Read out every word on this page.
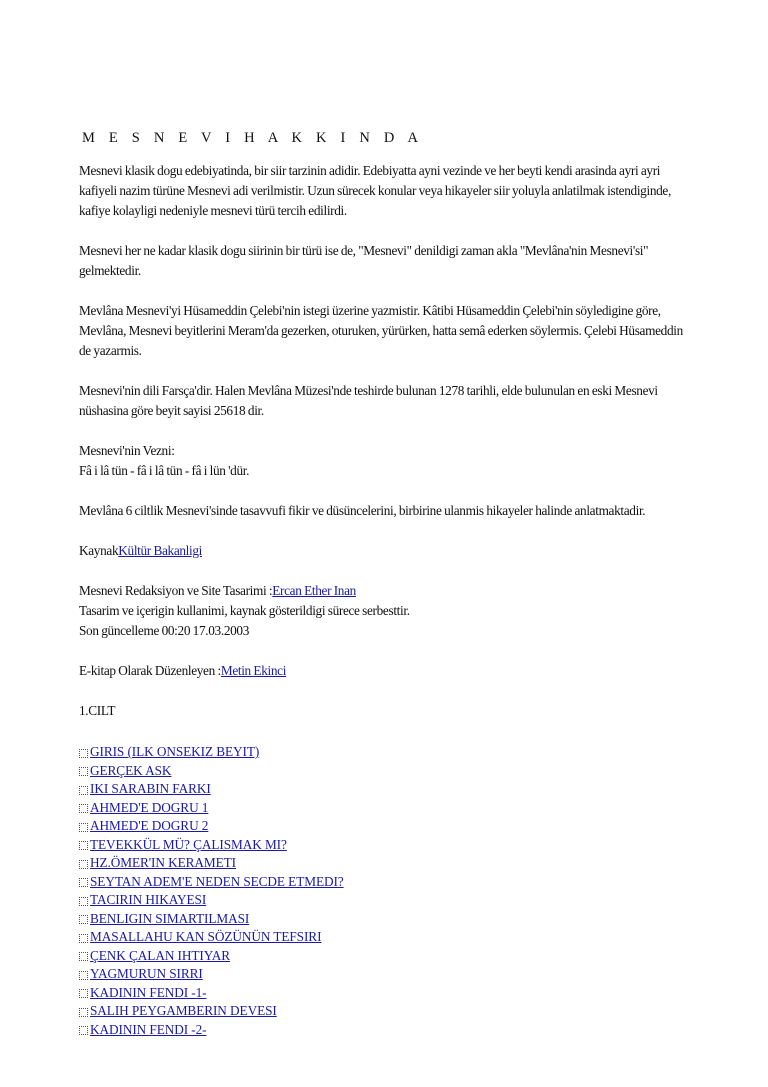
M E S N E V I H A K K I N D A

Mesnevi klasik dogu edebiyatinda, bir siir tarzinin adidir. Edebiyatta ayni vezinde ve her beyti kendi arasinda ayri ayri kafiyeli nazim türüne Mesnevi adi verilmistir. Uzun sürecek konular veya hikayeler siir yoluyla anlatilmak istendiginde, kafiye kolayligi nedeniyle mesnevi türü tercih edilirdi.

Mesnevi her ne kadar klasik dogu siirinin bir türü ise de, "Mesnevi" denildigi zaman akla "Mevlâna'nin Mesnevi'si" gelmektedir.

Mevlâna Mesnevi'yi Hüsameddin Çelebi'nin istegi üzerine yazmistir. Kâtibi Hüsameddin Çelebi'nin söyledigine göre, Mevlâna, Mesnevi beyitlerini Meram'da gezerken, oturuken, yürürken, hatta semâ ederken söylermis. Çelebi Hüsameddin de yazarmis.

Mesnevi'nin dili Farsça'dir. Halen Mevlâna Müzesi'nde teshirde bulunan 1278 tarihli, elde bulunulan en eski Mesnevi nüshasina göre beyit sayisi 25618 dir.

Mesnevi'nin Vezni:

Fâ i lâ tün - fâ i lâ tün - fâ i lün 'dür.

Mevlâna 6 ciltlik Mesnevi'sinde tasavvufi fikir ve düsüncelerini, birbirine ulanmis hikayeler halinde anlatmaktadir.

KaynakKültür Bakanligi

Mesnevi Redaksiyon ve Site Tasarimi :Ercan Ether Inan

Tasarim ve içerigin kullanimi, kaynak gösterildigi sürece serbesttir.

Son güncelleme 00:20 17.03.2003

E-kitap Olarak Düzenleyen :Metin Ekinci

1.CILT

GIRIS (ILK ONSEKIZ BEYIT)
GERÇEK ASK
IKI SARABIN FARKI
AHMED'E DOGRU 1
AHMED'E DOGRU 2
TEVEKKÜL MÜ? ÇALISMAK MI?
HZ.ÖMER'IN KERAMETI
SEYTAN ADEM'E NEDEN SECDE ETMEDI?
TACIRIN HIKAYESI
BENLIGIN SIMARTILMASI
MASALLAHU KAN SÖZÜNÜN TEFSIRI
ÇENK ÇALAN IHTIYAR
YAGMURUN SIRRI
KADININ FENDI -1-
SALIH PEYGAMBERIN DEVESI
KADININ FENDI -2-
